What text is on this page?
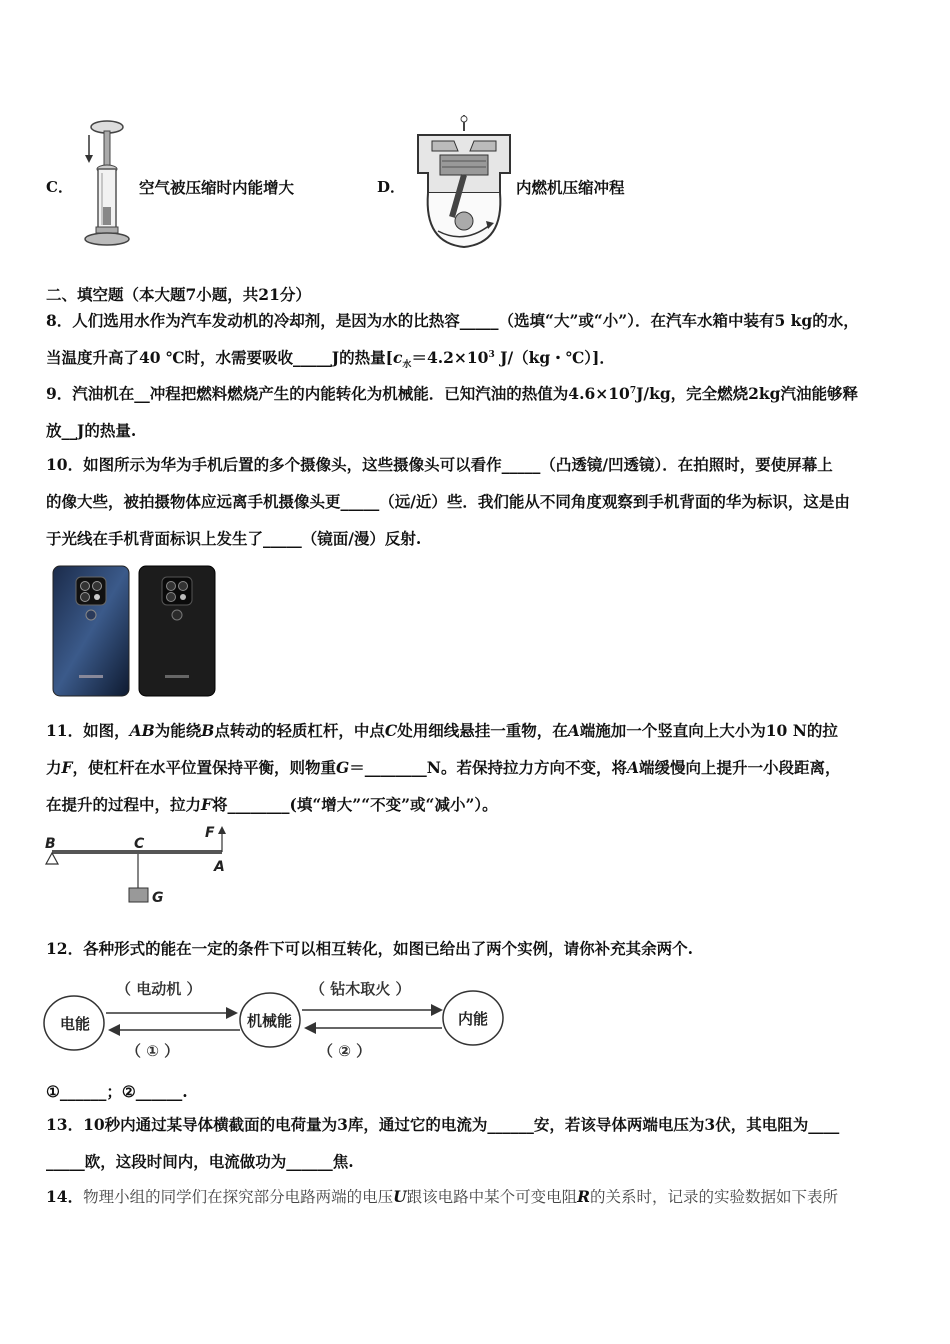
C．	空气被压缩时内能增大	D．	内燃机压缩冲程
二、填空题（本大题7小题，共21分）
8．人们选用水作为汽车发动机的冷却剂，是因为水的比热容_____（选填“大”或“小”）．在汽车水箱中装有5 kg的水，
当温度升高了40 ℃时，水需要吸收_____J的热量[$c_水=4.2\times 10^3$ J/（kg・℃）]．
9．汽油机在__冲程把燃料燃烧产生的内能转化为机械能．已知汽油的热值为$4.6\times 10^7J/kg$，完全燃烧2kg汽油能够释
放__J的热量.
10．如图所示为华为手机后置的多个摄像头，这些摄像头可以看作_____（凸透镜/凹透镜）．在拍照时，要使屏幕上
的像大些，被拍摄物体应远离手机摄像头更_____（远/近）些．我们能从不同角度观察到手机背面的华为标识，这是由
于光线在手机背面标识上发生了_____（镜面/漫）反射.
11．如图，AB为能绕B点转动的轻质杠杆，中点C处用细线悬挂一重物，在A端施加一个竖直向上大小为10 N的拉
力F，使杠杆在水平位置保持平衡，则物重G＝________N。若保持拉力方向不变，将A端缓慢向上提升一小段距离，
在提升的过程中，拉力F将________(填“增大”“不变”或“减小”）。
B	C
F
A
G
12．各种形式的能在一定的条件下可以相互转化，如图已给出了两个实例，请你补充其余两个.
电能	机械能	内能
（ 电动机 ）	（ 钻木取火 ）
（ ① ）	（ ② ）
①______；②______.
13．10秒内通过某导体横截面的电荷量为3库，通过它的电流为______安，若该导体两端电压为3伏，其电阻为____
_____欧，这段时间内，电流做功为______焦.
14．物理小组的同学们在探究部分电路两端的电压U跟该电路中某个可变电阻R的关系时，记录的实验数据如下表所
